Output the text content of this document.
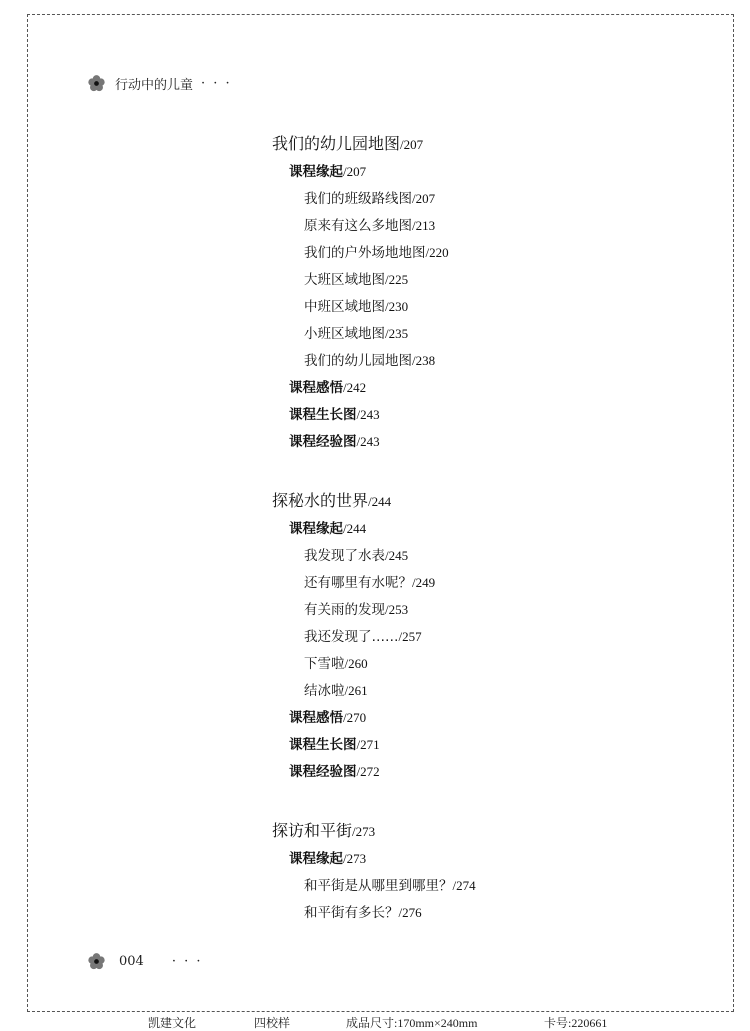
行动中的儿童 · · ·
我们的幼儿园地图/207
课程缘起/207
我们的班级路线图/207
原来有这么多地图/213
我们的户外场地地图/220
大班区域地图/225
中班区域地图/230
小班区域地图/235
我们的幼儿园地图/238
课程感悟/242
课程生长图/243
课程经验图/243
探秘水的世界/244
课程缘起/244
我发现了水表/245
还有哪里有水呢？/249
有关雨的发现/253
我还发现了……/257
下雪啦/260
结冰啦/261
课程感悟/270
课程生长图/271
课程经验图/272
探访和平街/273
课程缘起/273
和平街是从哪里到哪里？/274
和平街有多长？/276
004 · · ·
凯建文化	四校样	成品尺寸:170mm×240mm	卡号:220661
